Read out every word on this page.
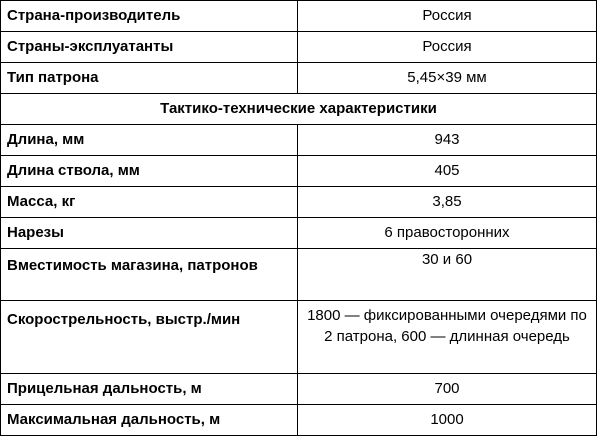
Страна-производитель	Россия
Страны-эксплуатанты	Россия
Тип патрона	5,45×39 мм
Тактико-технические характеристики	
Длина, мм	943
Длина ствола, мм	405
Масса, кг	3,85
Нарезы	6 правосторонних
Вместимость магазина, патронов	30 и 60
Скорострельность, выстр./мин	1800 — фиксированными очередями по 2 патрона, 600 — длинная очередь
Прицельная дальность, м	700
Максимальная дальность, м	1000
